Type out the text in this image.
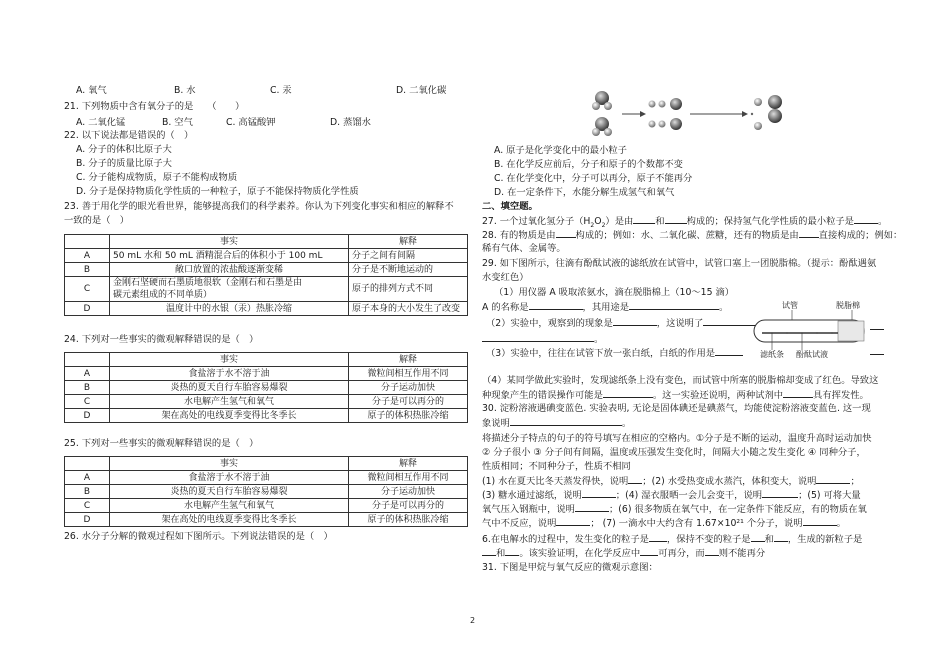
A. 氧气	B. 水	C. 汞	D. 二氧化碳
21. 下列物质中含有氧分子的是　　（　　）
A. 二氧化锰	B. 空气	C. 高锰酸钾	D. 蒸馏水
22. 以下说法都是错误的（　）
A. 分子的体积比原子大
B. 分子的质量比原子大
C. 分子能构成物质，原子不能构成物质
D. 分子是保持物质化学性质的一种粒子，原子不能保持物质化学性质
23. 善于用化学的眼光看世界，能够提高我们的科学素养。你认为下列变化事实和相应的解释不
一致的是（　）
	事实	解释
A	50 mL 水和 50 mL 酒精混合后的体积小于 100 mL	分子之间有间隔
B	敞口放置的浓盐酸逐渐变稀	分子是不断地运动的
C	金刚石坚硬而石墨质地很软（金刚石和石墨是由
碳元素组成的不同单质）	原子的排列方式不同
D	温度计中的水银（汞）热胀冷缩	原子本身的大小发生了改变
24. 下列对一些事实的微观解释错误的是（　）
	事实	解释
A	食盐溶于水不溶于油	微粒间相互作用不同
B	炎热的夏天自行车胎容易爆裂	分子运动加快
C	水电解产生氢气和氧气	分子是可以再分的
D	架在高处的电线夏季变得比冬季长	原子的体积热胀冷缩
25. 下列对一些事实的微观解释错误的是（　）
	事实	解释
A	食盐溶于水不溶于油	微粒间相互作用不同
B	炎热的夏天自行车胎容易爆裂	分子运动加快
C	水电解产生氢气和氧气	分子是可以再分的
D	架在高处的电线夏季变得比冬季长	原子的体积热胀冷缩
26. 水分子分解的微观过程如下图所示。下列说法错误的是（　）
A. 原子是化学变化中的最小粒子
B. 在化学反应前后，分子和原子的个数都不变
C. 在化学变化中，分子可以再分，原子不能再分
D. 在一定条件下，水能分解生成氢气和氧气
二、填空题。
27. 一个过氧化氢分子$(H_2O_2)$是由 和 构成的；保持氢气化学性质的最小粒子是	。
28. 有的物质是由 构成的；例如：水、二氧化碳、蔗糖，还有的物质是由 直接构成的；例如：
稀有气体、金属等。
29. 如下图所示，往滴有酚酞试液的滤纸放在试管中，试管口塞上一团脱脂棉。（提示：酚酞遇氨
水变红色）
（1）用仪器 A 吸取浓氨水，滴在脱脂棉上（10～15 滴）
A 的名称是	，其用途是	。
（2）实验中，观察到的现象是	，这说明了
。
（3）实验中，往往在试管下放一张白纸，白纸的作用是
试管	脱脂棉
滤纸条 酚酞试液
（4）某同学做此实验时，发现滤纸条上没有变色，而试管中所塞的脱脂棉却变成了红色。导致这
种现象产生的错误操作可能是	。这一实验还说明，两种试剂中	具有挥发性。
30. 淀粉溶液遇碘变蓝色. 实验表明, 无论是固体碘还是碘蒸气，均能使淀粉溶液变蓝色. 这一现
象说明	。
将描述分子特点的句子的符号填写在相应的空格内。①分子是不断的运动，温度升高时运动加快
② 分子很小 ③ 分子间有间隔，温度或压强发生变化时，间隔大小随之发生变化 ④ 同种分子，
性质相同；不同种分子，性质不相同
(1) 水在夏天比冬天蒸发得快，说明 ；(2) 水受热变成水蒸汽，体积变大，说明	；
(3) 糖水通过滤纸，说明	；(4) 湿衣服晒一会儿会变干，说明	；(5) 可将大量
氧气压入钢瓶中，说明	；(6) 很多物质在氧气中，在一定条件下能反应，有的物质在氧
气中不反应，说明	； (7) 一滴水中大约含有 1.67×10²¹ 个分子，说明	。
6.在电解水的过程中，发生变化的粒子是 ，保持不变的粒子是 和 ，生成的新粒子是
和 。该实验证明，在化学反应中 可再分，而 则不能再分
31. 下图是甲烷与氧气反应的微观示意图：
2
